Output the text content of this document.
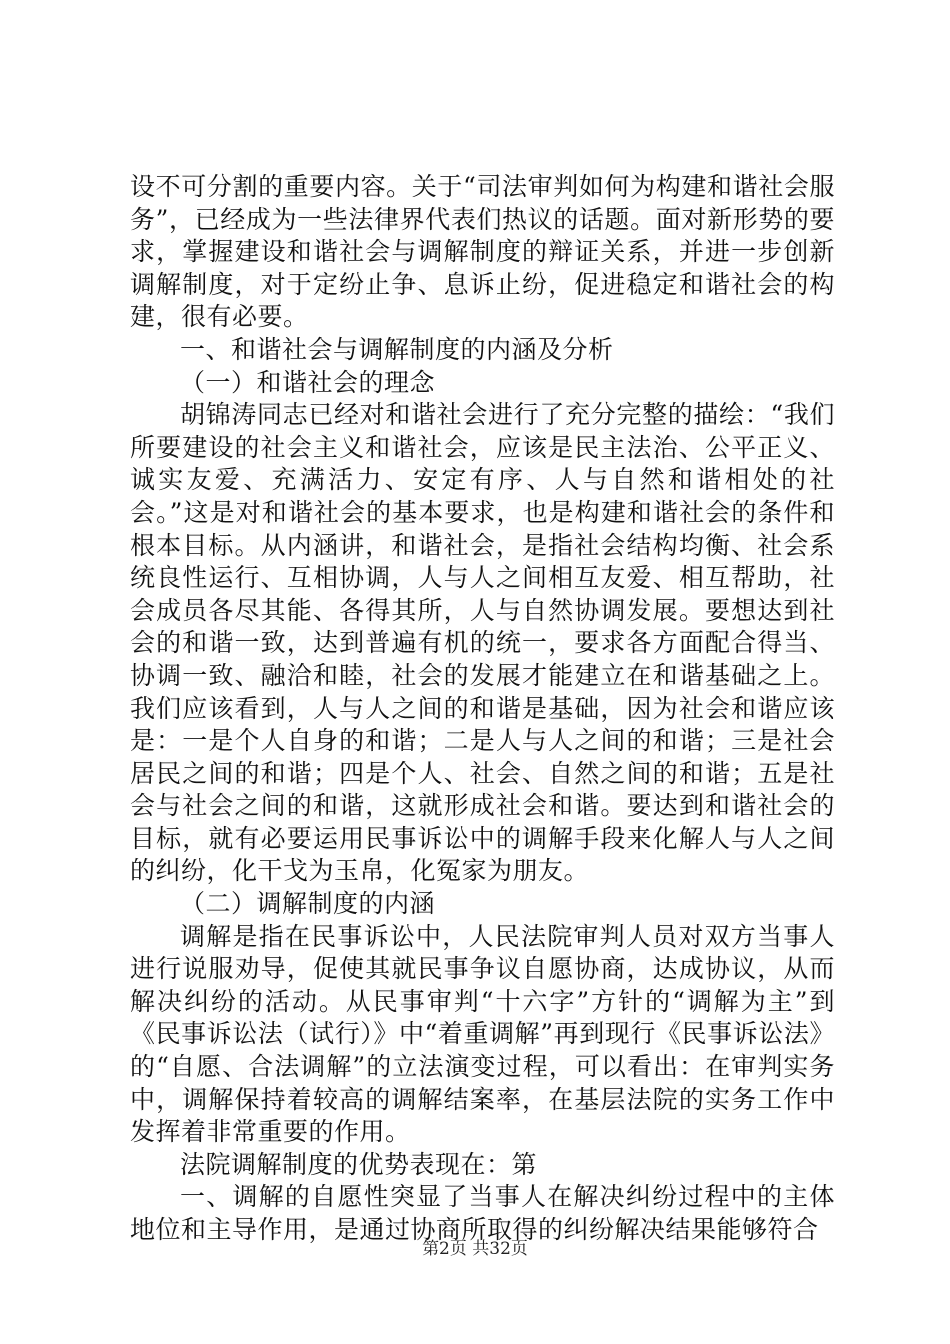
设不可分割的重要内容。关于“司法审判如何为构建和谐社会服务”，已经成为一些法律界代表们热议的话题。面对新形势的要求，掌握建设和谐社会与调解制度的辩证关系，并进一步创新调解制度，对于定纷止争、息诉止纷，促进稳定和谐社会的构建，很有必要。

一、和谐社会与调解制度的内涵及分析

（一）和谐社会的理念

胡锦涛同志已经对和谐社会进行了充分完整的描绘：“我们所要建设的社会主义和谐社会，应该是民主法治、公平正义、诚实友爱、充满活力、安定有序、人与自然和谐相处的社会。”这是对和谐社会的基本要求，也是构建和谐社会的条件和根本目标。从内涵讲，和谐社会，是指社会结构均衡、社会系统良性运行、互相协调，人与人之间相互友爱、相互帮助，社会成员各尽其能、各得其所，人与自然协调发展。要想达到社会的和谐一致，达到普遍有机的统一，要求各方面配合得当、协调一致、融洽和睦，社会的发展才能建立在和谐基础之上。我们应该看到，人与人之间的和谐是基础，因为社会和谐应该是：一是个人自身的和谐；二是人与人之间的和谐；三是社会居民之间的和谐；四是个人、社会、自然之间的和谐；五是社会与社会之间的和谐，这就形成社会和谐。要达到和谐社会的目标，就有必要运用民事诉讼中的调解手段来化解人与人之间的纠纷，化干戈为玉帛，化冤家为朋友。

（二）调解制度的内涵

调解是指在民事诉讼中，人民法院审判人员对双方当事人进行说服劝导，促使其就民事争议自愿协商，达成协议，从而解决纠纷的活动。从民事审判“十六字”方针的“调解为主”到《民事诉讼法（试行）》中“着重调解”再到现行《民事诉讼法》的“自愿、合法调解”的立法演变过程，可以看出：在审判实务中，调解保持着较高的调解结案率，在基层法院的实务工作中发挥着非常重要的作用。

法院调解制度的优势表现在：第

一、调解的自愿性突显了当事人在解决纠纷过程中的主体地位和主导作用，是通过协商所取得的纠纷解决结果能够符合

第2页 共32页
